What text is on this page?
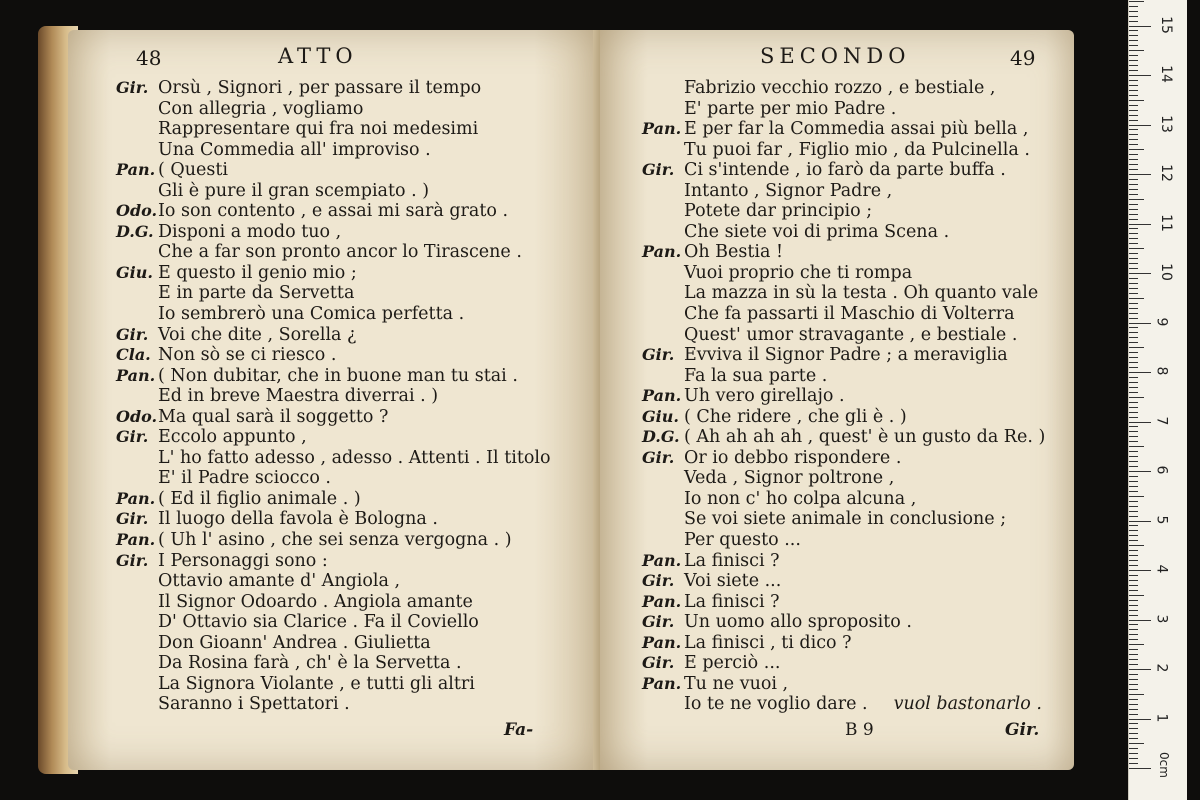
48	ATTO
Gir. Orsù , Signori , per passare il tempo
Con allegria , vogliamo
Rappresentare qui fra noi medesimi
Una Commedia all' improviso .
Pan. ( Questi
Gli è pure il gran scempiato . )
Odo.Io son contento , e assai mi sarà grato .
D.G. Disponi a modo tuo ,
Che a far son pronto ancor lo Tirascene .
Giu. E questo il genio mio ;
E in parte da Servetta
Io sembrerò una Comica perfetta .
Gir. Voi che dite , Sorella ¿
Cla. Non sò se ci riesco .
Pan. ( Non dubitar, che in buone man tu stai .
Ed in breve Maestra diverrai . )
Odo.Ma qual sarà il soggetto ?
Gir. Eccolo appunto ,
L' ho fatto adesso , adesso . Attenti . Il titolo
E' il Padre sciocco .
Pan. ( Ed il figlio animale . )
Gir. Il luogo della favola è Bologna .
Pan. ( Uh l' asino , che sei senza vergogna . )
Gir. I Personaggi sono :
Ottavio amante d' Angiola ,
Il Signor Odoardo . Angiola amante
D' Ottavio sia Clarice . Fa il Coviello
Don Gioann' Andrea . Giulietta
Da Rosina farà , ch' è la Servetta .
La Signora Violante , e tutti gli altri
Saranno i Spettatori .
Fa-
SECONDO	49
Fabrizio vecchio rozzo , e bestiale ,
E' parte per mio Padre .
Pan. E per far la Commedia assai più bella ,
Tu puoi far , Figlio mio , da Pulcinella .
Gir. Ci s'intende , io farò da parte buffa .
Intanto , Signor Padre ,
Potete dar principio ;
Che siete voi di prima Scena .
Pan. Oh Bestia !
Vuoi proprio che ti rompa
La mazza in sù la testa . Oh quanto vale
Che fa passarti il Maschio di Volterra
Quest' umor stravagante , e bestiale .
Gir. Evviva il Signor Padre ; a meraviglia
Fa la sua parte .
Pan. Uh vero girellajo .
Giu. ( Che ridere , che gli è . )
D.G. ( Ah ah ah ah , quest' è un gusto da Re. )
Gir. Or io debbo rispondere .
Veda , Signor poltrone ,
Io non c' ho colpa alcuna ,
Se voi siete animale in conclusione ;
Per questo ...
Pan. La finisci ?
Gir. Voi siete ...
Pan. La finisci ?
Gir. Un uomo allo sproposito .
Pan. La finisci , ti dico ?
Gir. E perciò ...
Pan. Tu ne vuoi ,
Io te ne voglio dare . vuol bastonarlo .
B 9	Gir.
0cm
1
2
3
4
5
6
7
8
9
10
11
12
13
14
15
